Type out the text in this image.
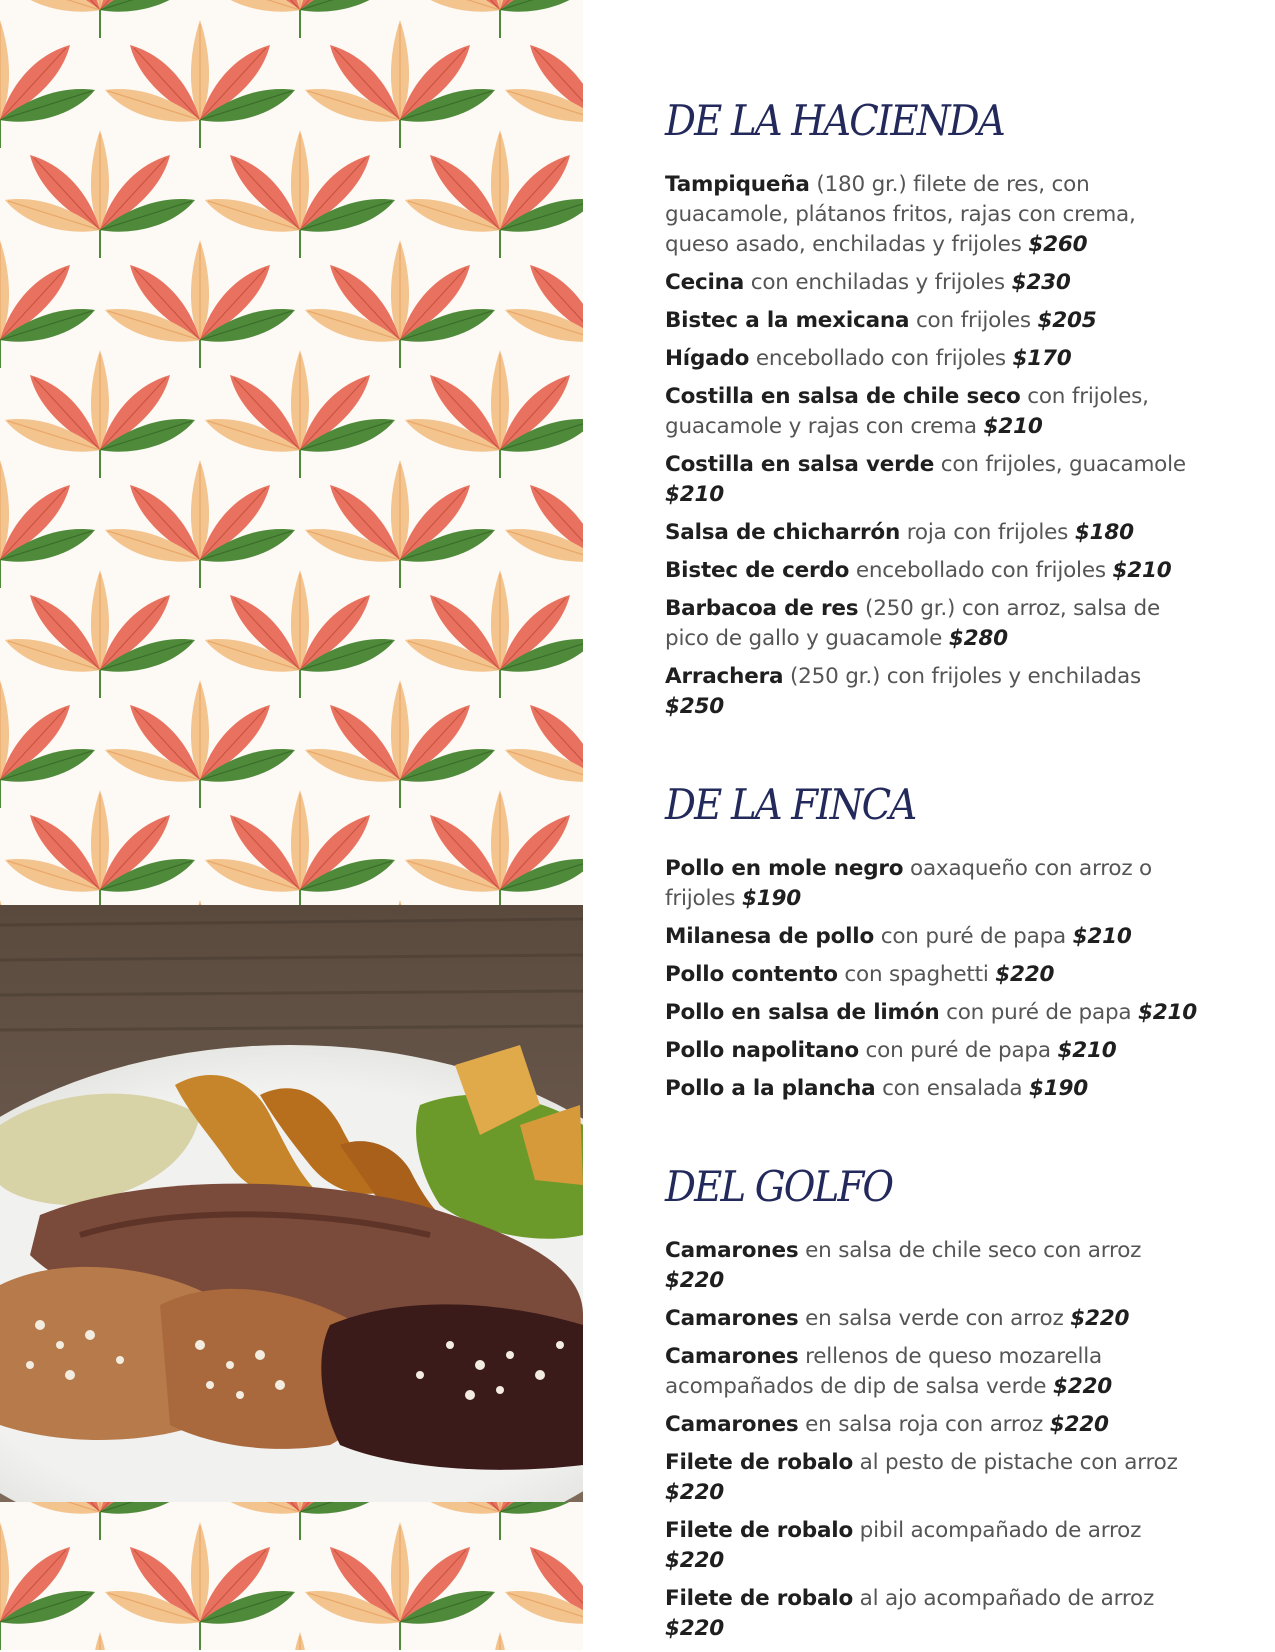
DE LA HACIENDA

Tampiqueña (180 gr.) filete de res, con guacamole, plátanos fritos, rajas con crema, queso asado, enchiladas y frijoles $260

Cecina con enchiladas y frijoles $230

Bistec a la mexicana con frijoles $205

Hígado encebollado con frijoles $170

Costilla en salsa de chile seco con frijoles, guacamole y rajas con crema $210

Costilla en salsa verde con frijoles, guacamole $210

Salsa de chicharrón roja con frijoles $180

Bistec de cerdo encebollado con frijoles $210

Barbacoa de res (250 gr.) con arroz, salsa de pico de gallo y guacamole $280

Arrachera (250 gr.) con frijoles y enchiladas $250

DE LA FINCA

Pollo en mole negro oaxaqueño con arroz o frijoles $190

Milanesa de pollo con puré de papa $210

Pollo contento con spaghetti $220

Pollo en salsa de limón con puré de papa $210

Pollo napolitano con puré de papa $210

Pollo a la plancha con ensalada $190

DEL GOLFO

Camarones en salsa de chile seco con arroz $220

Camarones en salsa verde con arroz $220

Camarones rellenos de queso mozarella acompañados de dip de salsa verde $220

Camarones en salsa roja con arroz $220

Filete de robalo al pesto de pistache con arroz $220

Filete de robalo pibil acompañado de arroz $220

Filete de robalo al ajo acompañado de arroz $220
